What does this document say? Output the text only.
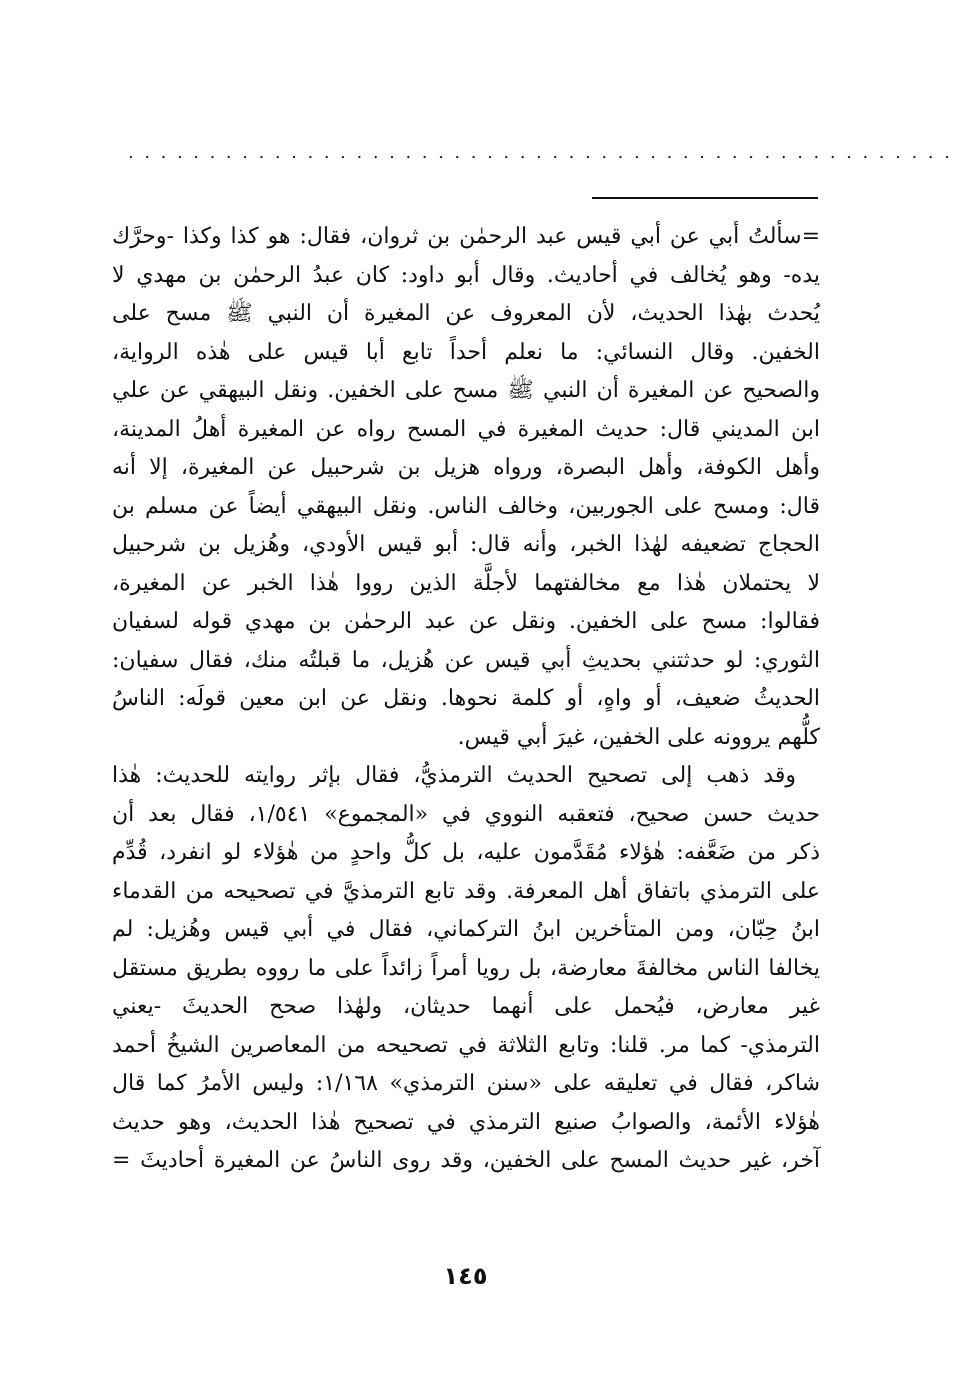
...................................................
=سألتُ أبي عن أبي قيس عبد الرحمٰن بن ثروان، فقال: هو كذا وكذا -وحرَّك
يده- وهو يُخالف في أحاديث. وقال أبو داود: كان عبدُ الرحمٰن بن مهدي لا
يُحدث بهٰذا الحديث، لأن المعروف عن المغيرة أن النبي ﷺ مسح على
الخفين. وقال النسائي: ما نعلم أحداً تابع أبا قيس على هٰذه الرواية،
والصحيح عن المغيرة أن النبي ﷺ مسح على الخفين. ونقل البيهقي عن علي
ابن المديني قال: حديث المغيرة في المسح رواه عن المغيرة أهلُ المدينة،
وأهل الكوفة، وأهل البصرة، ورواه هزيل بن شرحبيل عن المغيرة، إلا أنه
قال: ومسح على الجوربين، وخالف الناس. ونقل البيهقي أيضاً عن مسلم بن
الحجاج تضعيفه لهٰذا الخبر، وأنه قال: أبو قيس الأودي، وهُزيل بن شرحبيل
لا يحتملان هٰذا مع مخالفتهما لأجلَّة الذين رووا هٰذا الخبر عن المغيرة،
فقالوا: مسح على الخفين. ونقل عن عبد الرحمٰن بن مهدي قوله لسفيان
الثوري: لو حدثتني بحديثِ أبي قيس عن هُزيل، ما قبلتُه منك، فقال سفيان:
الحديثُ ضعيف، أو واهٍ، أو كلمة نحوها. ونقل عن ابن معين قولَه: الناسُ
كلُّهم يروونه على الخفين، غيرَ أبي قيس.
وقد ذهب إلى تصحيح الحديث الترمذيُّ، فقال بإثر روايته للحديث: هٰذا
حديث حسن صحيح، فتعقبه النووي في «المجموع» ١/٥٤١، فقال بعد أن
ذكر من ضَعَّفه: هٰؤلاء مُقَدَّمون عليه، بل كلُّ واحدٍ من هٰؤلاء لو انفرد، قُدِّم
على الترمذي باتفاق أهل المعرفة. وقد تابع الترمذيَّ في تصحيحه من القدماء
ابنُ حِبّان، ومن المتأخرين ابنُ التركماني، فقال في أبي قيس وهُزيل: لم
يخالفا الناس مخالفةَ معارضة، بل رويا أمراً زائداً على ما رووه بطريق مستقل
غير معارض، فيُحمل على أنهما حديثان، ولهٰذا صحح الحديثَ -يعني
الترمذي- كما مر. قلنا: وتابع الثلاثة في تصحيحه من المعاصرين الشيخُ أحمد
شاكر، فقال في تعليقه على «سنن الترمذي» ١/١٦٨: وليس الأمرُ كما قال
هٰؤلاء الأئمة، والصوابُ صنيع الترمذي في تصحيح هٰذا الحديث، وهو حديث
آخر، غير حديث المسح على الخفين، وقد روى الناسُ عن المغيرة أحاديثَ =
١٤٥
